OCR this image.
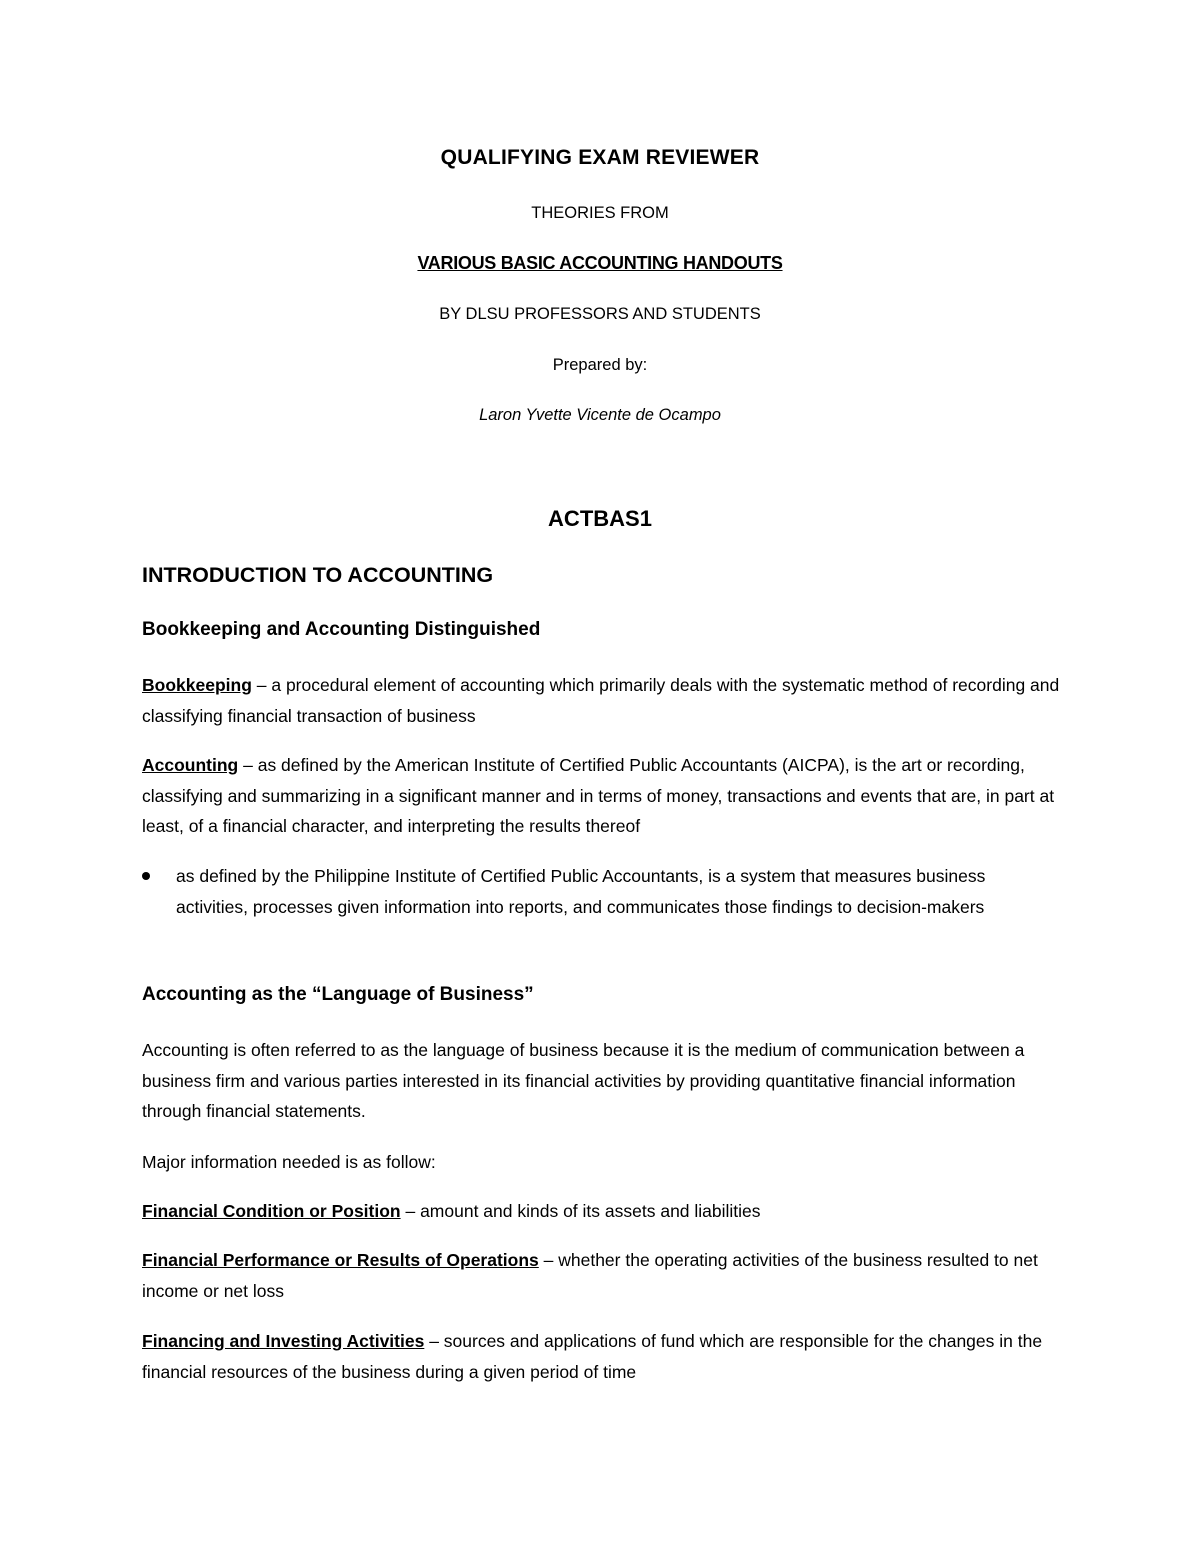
QUALIFYING EXAM REVIEWER
THEORIES FROM
VARIOUS BASIC ACCOUNTING HANDOUTS
BY DLSU PROFESSORS AND STUDENTS
Prepared by:
Laron Yvette Vicente de Ocampo
ACTBAS1
INTRODUCTION TO ACCOUNTING
Bookkeeping and Accounting Distinguished
Bookkeeping – a procedural element of accounting which primarily deals with the systematic method of recording and classifying financial transaction of business
Accounting – as defined by the American Institute of Certified Public Accountants (AICPA), is the art or recording, classifying and summarizing in a significant manner and in terms of money, transactions and events that are, in part at least, of a financial character, and interpreting the results thereof
as defined by the Philippine Institute of Certified Public Accountants, is a system that measures business activities, processes given information into reports, and communicates those findings to decision-makers
Accounting as the “Language of Business”
Accounting is often referred to as the language of business because it is the medium of communication between a business firm and various parties interested in its financial activities by providing quantitative financial information through financial statements.
Major information needed is as follow:
Financial Condition or Position – amount and kinds of its assets and liabilities
Financial Performance or Results of Operations – whether the operating activities of the business resulted to net income or net loss
Financing and Investing Activities – sources and applications of fund which are responsible for the changes in the financial resources of the business during a given period of time
